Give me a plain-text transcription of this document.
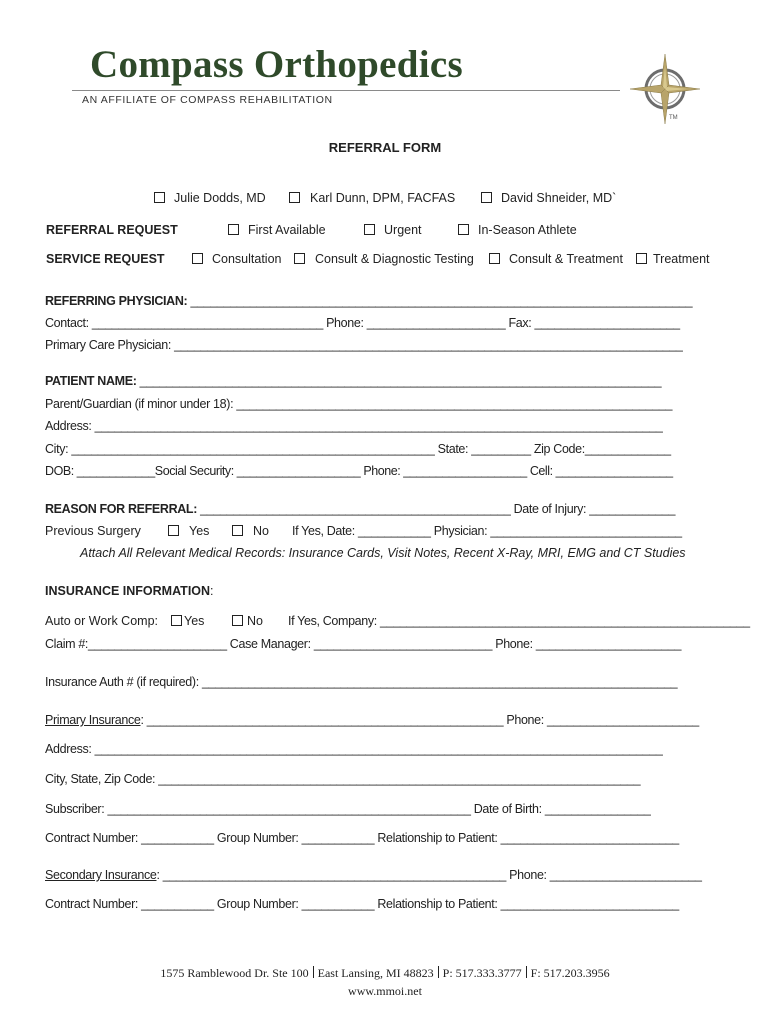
Compass Orthopedics
AN AFFILIATE OF COMPASS REHABILITATION
TM
REFERRAL FORM
Julie Dodds, MD	Karl Dunn, DPM, FACFAS	David Shneider, MD`
REFERRAL REQUEST	First Available	Urgent	In-Season Athlete
SERVICE REQUEST	Consultation	Consult & Diagnostic Testing	Consult & Treatment Treatment
REFERRING PHYSICIAN: ____________________________________________________________________________
Contact: ___________________________________ Phone: _____________________ Fax: ______________________
Primary Care Physician: _____________________________________________________________________________
PATIENT NAME: _______________________________________________________________________________
Parent/Guardian (if minor under 18): __________________________________________________________________
Address: ______________________________________________________________________________________
City: _______________________________________________________ State: _________ Zip Code:_____________
DOB: ____________Social Security: ___________________ Phone: ___________________ Cell: __________________
REASON FOR REFERRAL: _______________________________________________ Date of Injury: _____________
Previous Surgery	Yes	No If Yes, Date: ___________ Physician: _____________________________
Attach All Relevant Medical Records: Insurance Cards, Visit Notes, Recent X-Ray, MRI, EMG and CT Studies
INSURANCE INFORMATION:
Auto or Work Comp: Yes	No If Yes, Company: ________________________________________________________
Claim #:_____________________ Case Manager: ___________________________ Phone: ______________________
Insurance Auth # (if required): ________________________________________________________________________
Primary Insurance: ______________________________________________________ Phone: _______________________
Address: ______________________________________________________________________________________
City, State, Zip Code: _________________________________________________________________________
Subscriber: _______________________________________________________ Date of Birth: ________________
Contract Number: ___________ Group Number: ___________ Relationship to Patient: ___________________________
Secondary Insurance: ____________________________________________________ Phone: _______________________
Contract Number: ___________ Group Number: ___________ Relationship to Patient: ___________________________
1575 Ramblewood Dr. Ste 100 East Lansing, MI 48823 P: 517.333.3777 F: 517.203.3956
www.mmoi.net
